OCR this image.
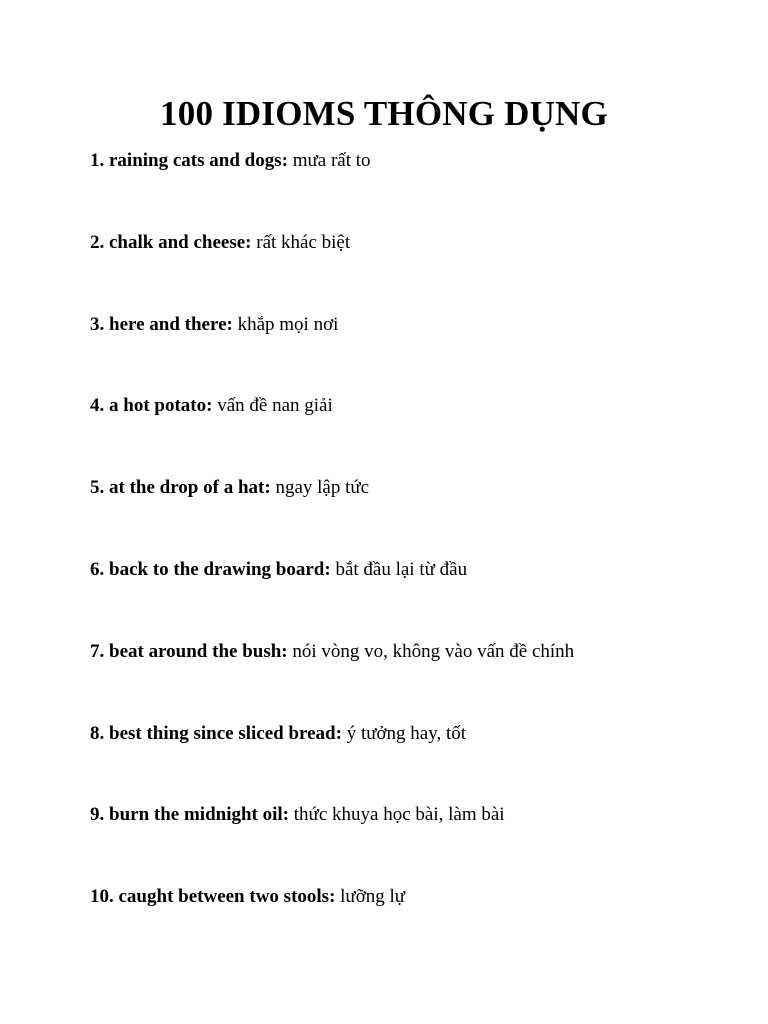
100 IDIOMS THÔNG DỤNG
1. raining cats and dogs: mưa rất to
2. chalk and cheese: rất khác biệt
3. here and there: khắp mọi nơi
4. a hot potato: vấn đề nan giải
5. at the drop of a hat: ngay lập tức
6. back to the drawing board: bắt đầu lại từ đầu
7. beat around the bush: nói vòng vo, không vào vấn đề chính
8. best thing since sliced bread: ý tưởng hay, tốt
9. burn the midnight oil: thức khuya học bài, làm bài
10. caught between two stools: lưỡng lự
